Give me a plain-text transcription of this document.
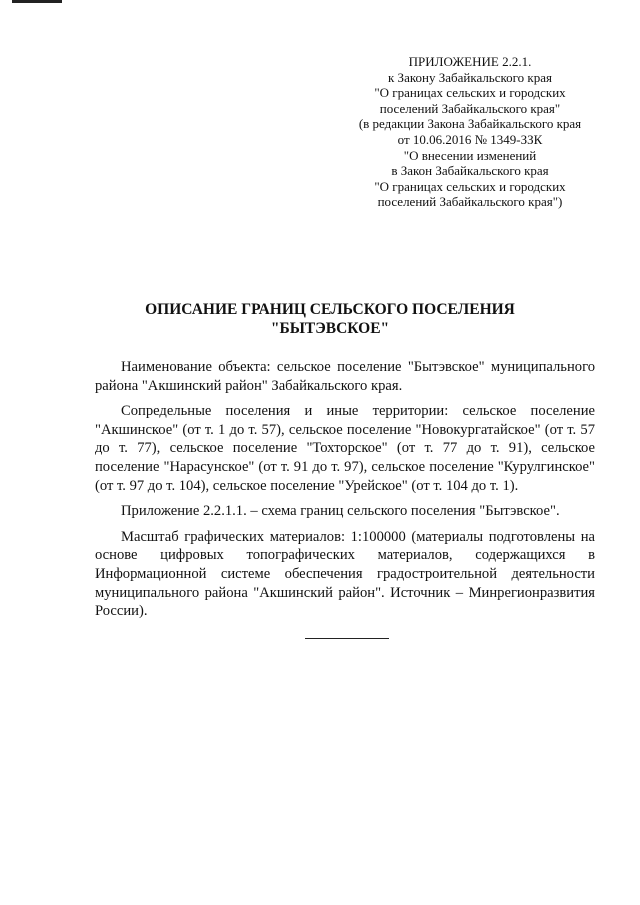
ПРИЛОЖЕНИЕ 2.2.1.
к Закону Забайкальского края
"О границах сельских и городских
поселений Забайкальского края"
(в редакции Закона Забайкальского края
от 10.06.2016 № 1349-ЗЗК
"О внесении изменений
в Закон Забайкальского края
"О границах сельских и городских
поселений Забайкальского края")
ОПИСАНИЕ ГРАНИЦ СЕЛЬСКОГО ПОСЕЛЕНИЯ
"БЫТЭВСКОЕ"

Наименование объекта: сельское поселение "Бытэвское" муниципального района "Акшинский район" Забайкальского края.

Сопредельные поселения и иные территории: сельское поселение "Акшинское" (от т. 1 до т. 57), сельское поселение "Новокургатайское" (от т. 57 до т. 77), сельское поселение "Тохторское" (от т. 77 до т. 91), сельское поселение "Нарасунское" (от т. 91 до т. 97), сельское поселение "Курулгинское" (от т. 97 до т. 104), сельское поселение "Урейское" (от т. 104 до т. 1).

Приложение 2.2.1.1. – схема границ сельского поселения "Бытэвское".

Масштаб графических материалов: 1:100000 (материалы подготовлены на основе цифровых топографических материалов, содержащихся в Информационной системе обеспечения градостроительной деятельности муниципального района "Акшинский район". Источник – Минрегионразвития России).
